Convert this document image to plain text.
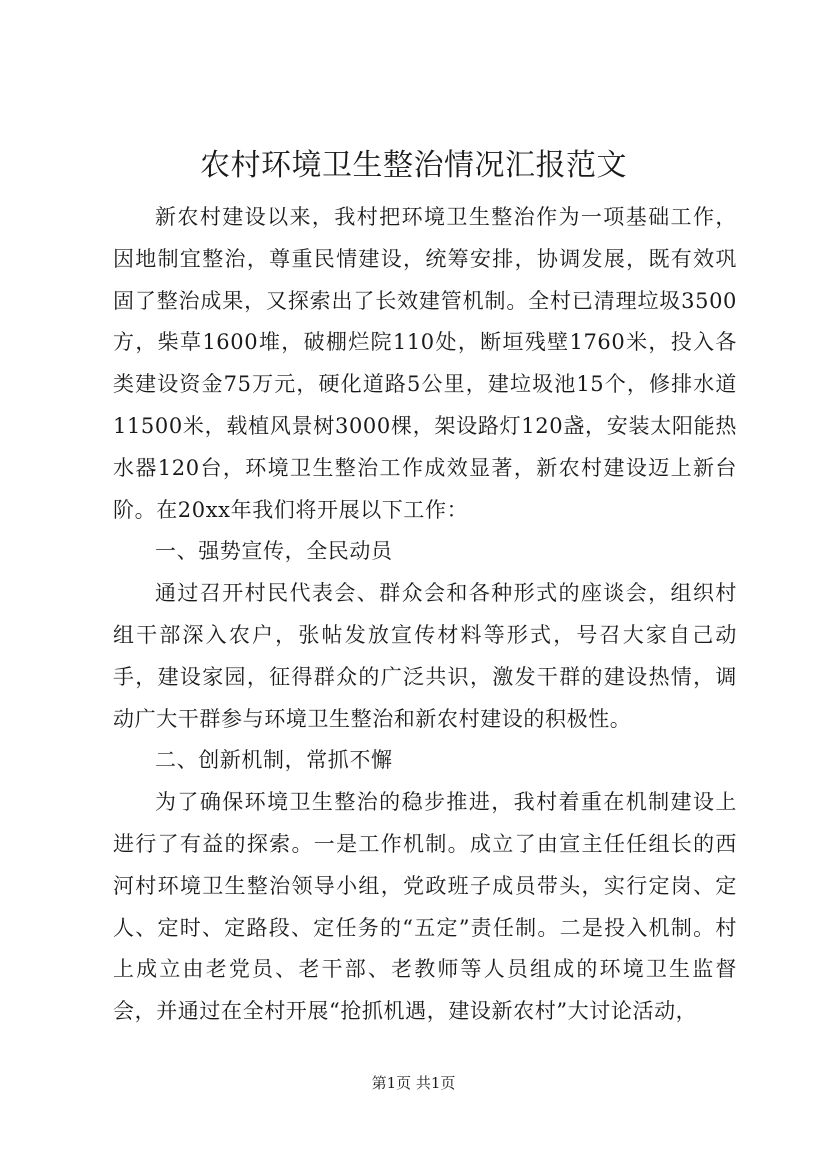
农村环境卫生整治情况汇报范文

新农村建设以来，我村把环境卫生整治作为一项基础工作，因地制宜整治，尊重民情建设，统筹安排，协调发展，既有效巩固了整治成果，又探索出了长效建管机制。全村已清理垃圾3500方，柴草1600堆，破棚烂院110处，断垣残壁1760米，投入各类建设资金75万元，硬化道路5公里，建垃圾池15个，修排水道11500米，载植风景树3000棵，架设路灯120盏，安装太阳能热水器120台，环境卫生整治工作成效显著，新农村建设迈上新台阶。在20xx年我们将开展以下工作：

一、强势宣传，全民动员

通过召开村民代表会、群众会和各种形式的座谈会，组织村组干部深入农户，张帖发放宣传材料等形式，号召大家自己动手，建设家园，征得群众的广泛共识，激发干群的建设热情，调动广大干群参与环境卫生整治和新农村建设的积极性。

二、创新机制，常抓不懈

为了确保环境卫生整治的稳步推进，我村着重在机制建设上进行了有益的探索。一是工作机制。成立了由宣主任任组长的西河村环境卫生整治领导小组，党政班子成员带头，实行定岗、定人、定时、定路段、定任务的“五定”责任制。二是投入机制。村上成立由老党员、老干部、老教师等人员组成的环境卫生监督会，并通过在全村开展“抢抓机遇，建设新农村”大讨论活动，

第1页 共1页
